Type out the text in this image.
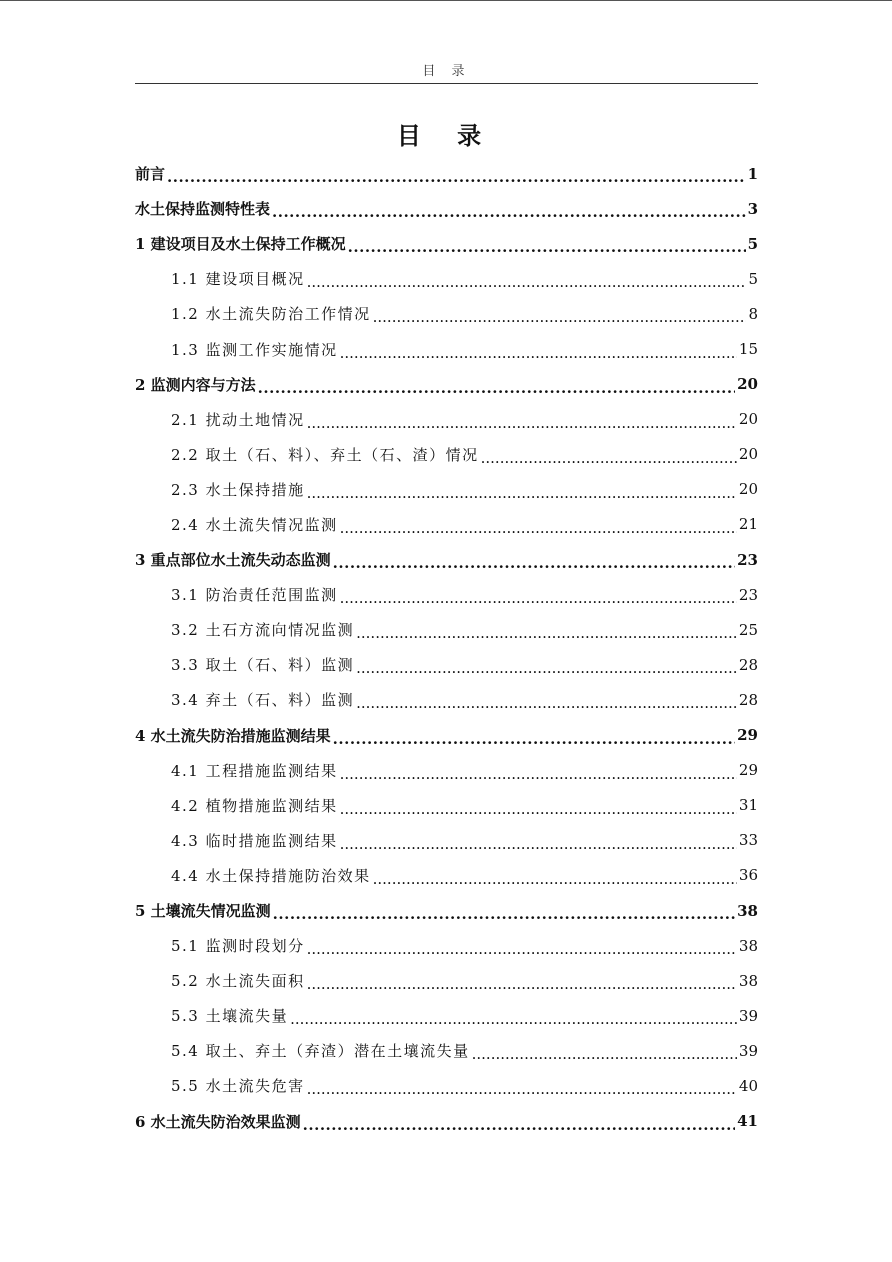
目 录
目 录
前言 .....	1
水土保持监测特性表 .....	3
1 建设项目及水土保持工作概况 .....	5
1.1 建设项目概况 .....	5
1.2 水土流失防治工作情况 .....	8
1.3 监测工作实施情况 .....	15
2 监测内容与方法 .....	20
2.1 扰动土地情况 .....	20
2.2 取土（石、料）、弃土（石、渣）情况 .....	20
2.3 水土保持措施 .....	20
2.4 水土流失情况监测 .....	21
3 重点部位水土流失动态监测 .....	23
3.1 防治责任范围监测 .....	23
3.2 土石方流向情况监测 .....	25
3.3 取土（石、料）监测 .....	28
3.4 弃土（石、料）监测 .....	28
4 水土流失防治措施监测结果 .....	29
4.1 工程措施监测结果 .....	29
4.2 植物措施监测结果 .....	31
4.3 临时措施监测结果 .....	33
4.4 水土保持措施防治效果 .....	36
5 土壤流失情况监测 .....	38
5.1 监测时段划分 .....	38
5.2 水土流失面积 .....	38
5.3 土壤流失量 .....	39
5.4 取土、弃土（弃渣）潜在土壤流失量 .....	39
5.5 水土流失危害 .....	40
6 水土流失防治效果监测 .....	41
